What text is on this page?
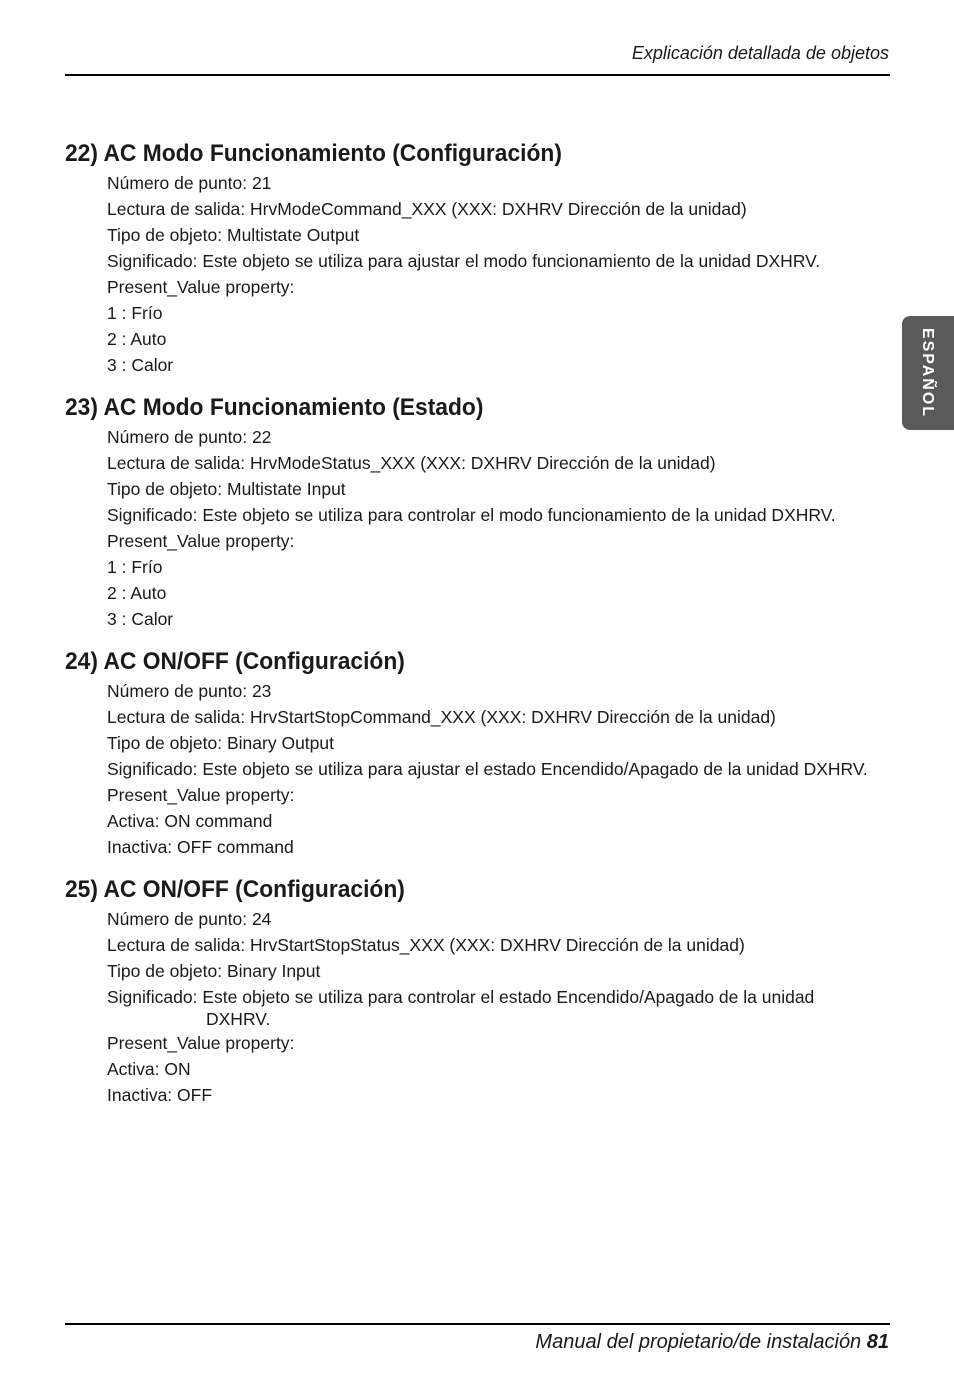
Explicación detallada de objetos
ESPAÑOL
22) AC Modo Funcionamiento (Configuración)
Número de punto: 21
Lectura de salida: HrvModeCommand_XXX (XXX: DXHRV Dirección de la unidad)
Tipo de objeto: Multistate Output
Significado: Este objeto se utiliza para ajustar el modo funcionamiento de la unidad DXHRV.
Present_Value property:
1 : Frío
2 : Auto
3 : Calor
23) AC Modo Funcionamiento (Estado)
Número de punto: 22
Lectura de salida: HrvModeStatus_XXX (XXX: DXHRV Dirección de la unidad)
Tipo de objeto: Multistate Input
Significado: Este objeto se utiliza para controlar el modo funcionamiento de la unidad DXHRV.
Present_Value property:
1 : Frío
2 : Auto
3 : Calor
24) AC ON/OFF (Configuración)
Número de punto: 23
Lectura de salida: HrvStartStopCommand_XXX (XXX: DXHRV Dirección de la unidad)
Tipo de objeto: Binary Output
Significado: Este objeto se utiliza para ajustar el estado Encendido/Apagado de la unidad DXHRV.
Present_Value property:
Activa: ON command
Inactiva: OFF command
25) AC ON/OFF (Configuración)
Número de punto: 24
Lectura de salida: HrvStartStopStatus_XXX (XXX: DXHRV Dirección de la unidad)
Tipo de objeto: Binary Input
Significado: Este objeto se utiliza para controlar el estado Encendido/Apagado de la unidad
DXHRV.
Present_Value property:
Activa: ON
Inactiva: OFF
Manual del propietario/de instalación 81
